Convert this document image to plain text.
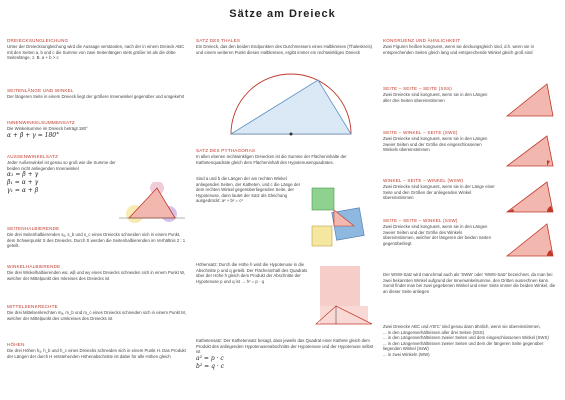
Sätze am Dreieck
DREIECKSUNGLEICHUNG
Unter der Dreiecksungleichung wird die Aussage verstanden, nach der in einem Dreieck ABC mit den Seiten a, b und c die Summe von zwei Seitenlängen stets größer ist als die dritte Seitenlänge, z. B. a + b > c
SEITENLÄNGE UND WINKEL
Der längeren Seite in einem Dreieck liegt der größere Innenwinkel gegenüber und umgekehrt
INNENWINKELSUMMENSATZ
Die Winkelsumme im Dreieck beträgt 180°
α + β + γ = 180°
AUSSENWINKELSATZ
Jeder Außenwinkel ist genau so groß wie die Summe der beiden nicht anliegenden Innenwinkel
α₁ = β + γ
β₁ = α + γ
γ₁ = α + β
SEITENHALBIERENDE
Die drei Seitenhalbierenden sₐ, s_b und s_c eines Dreiecks schneiden sich in einem Punkt, dem Schwerpunkt S des Dreiecks. Durch S werden die Seitenhalbierenden im Verhältnis 2 : 1 geteilt.
WINKELHALBIERENDE
Die drei Winkelhalbierenden wα, wβ und wγ eines Dreiecks schneiden sich in einem Punkt W, welcher der Mittelpunkt des Inkreises des Dreiecks ist
MITTELSENKRECHTE
Die drei Mittelsenkrechten mₐ, m_b und m_c eines Dreiecks schneiden sich in einem Punkt M, welcher der Mittelpunkt des Umkreises des Dreiecks ist
HÖHEN
Die drei Höhen hₐ, h_b und h_c eines Dreiecks schneiden sich in einem Punkt H. Das Produkt der Längen der durch H entstehenden Höhenabschnitte ist dabei für alle Höhen gleich
SATZ DES THALES
Ein Dreieck, das den beiden Endpunkten des Durchmessers eines Halbkreises (Thaleskreis) und einem weiteren Punkt dieses Halbkreises, ergibt immer ein rechtwinkliges Dreieck
SATZ DES PYTHAGORAS
In allen ebenen rechtwinkligen Dreiecken ist die Summe der Flächeninhalte der Kathetenquadrate gleich dem Flächeninhalt des Hypotenusenquadrates.
Sind a und b die Längen der am rechten Winkel anliegenden Seiten, der Katheten, und c die Länge der dem rechten Winkel gegenüberliegenden Seite, der Hypotenuse, dann lautet der Satz als Gleichung ausgedrückt: a² + b² = c²
Höhensatz: Durch die Höhe h wird die Hypotenuse in die Abschnitte p und q geteilt. Der Flächeninhalt des Quadrats über der Höhe h gleich dem Produkt der Abschnitte der Hypotenuse p und q ist → h² = p · q
Kathetensatz: Der Kathetensatz besagt, dass jeweils das Quadrat einer Kathete gleich dem Produkt des anliegenden Hypotenusenabschnitts der Hypotenuse und der Hypotenuse selbst ist
a² = p · c
b² = q · c
KONGRUENZ UND ÄHNLICHKEIT
Zwei Figuren heißen kongruent, wenn sie deckungsgleich sind, d.h. wenn sie in entsprechenden Seiten gleich lang und entsprechende Winkel gleich groß sind
SEITE – SEITE – SEITE (SSS)
Zwei Dreiecke sind kongruent, wenn sie in den Längen aller drei Seiten übereinstimmen
SEITE – WINKEL – SEITE (SWS)
Zwei Dreiecke sind kongruent, wenn sie in den Längen zweier Seiten und der Größe des eingeschlossenen Winkels übereinstimmen
WINKEL – SEITE – WINKEL (WSW)
Zwei Dreiecke sind kongruent, wenn sie in der Länge einer Seite und den Größen der anliegenden Winkel übereinstimmen
SEITE – SEITE – WINKEL (SSW)
Zwei Dreiecke sind kongruent, wenn sie in den Längen zweier Seiten und der Größe des Winkels übereinstimmen, welcher der längeren der beiden Seiten gegenüberliegt
Der WSW-Satz wird manchmal auch als 'SWW' oder 'WWS-Satz' bezeichnet, da man bei zwei bekannten Winkel aufgrund der Innenwinkelsumme, den Dritten ausrechnen kann. Somit findet man bei zwei gegebenen Winkel und einer Seite immer die beiden Winkel, die an dieser Seite anliegen
Zwei Dreiecke ABC und A'B'C' sind genau dann ähnlich, wenn sie übereinstimmen,
... in den Längenverhältnissen aller drei Seiten (SSS)
... in den Längenverhältnissen zweier Seiten und dem eingeschlossenen Winkel (SWS)
... in den Längenverhältnissen zweier Seiten und dem der längeren Seite gegenüber liegenden Winkel (SsW)
... in zwei Winkeln (WW)
